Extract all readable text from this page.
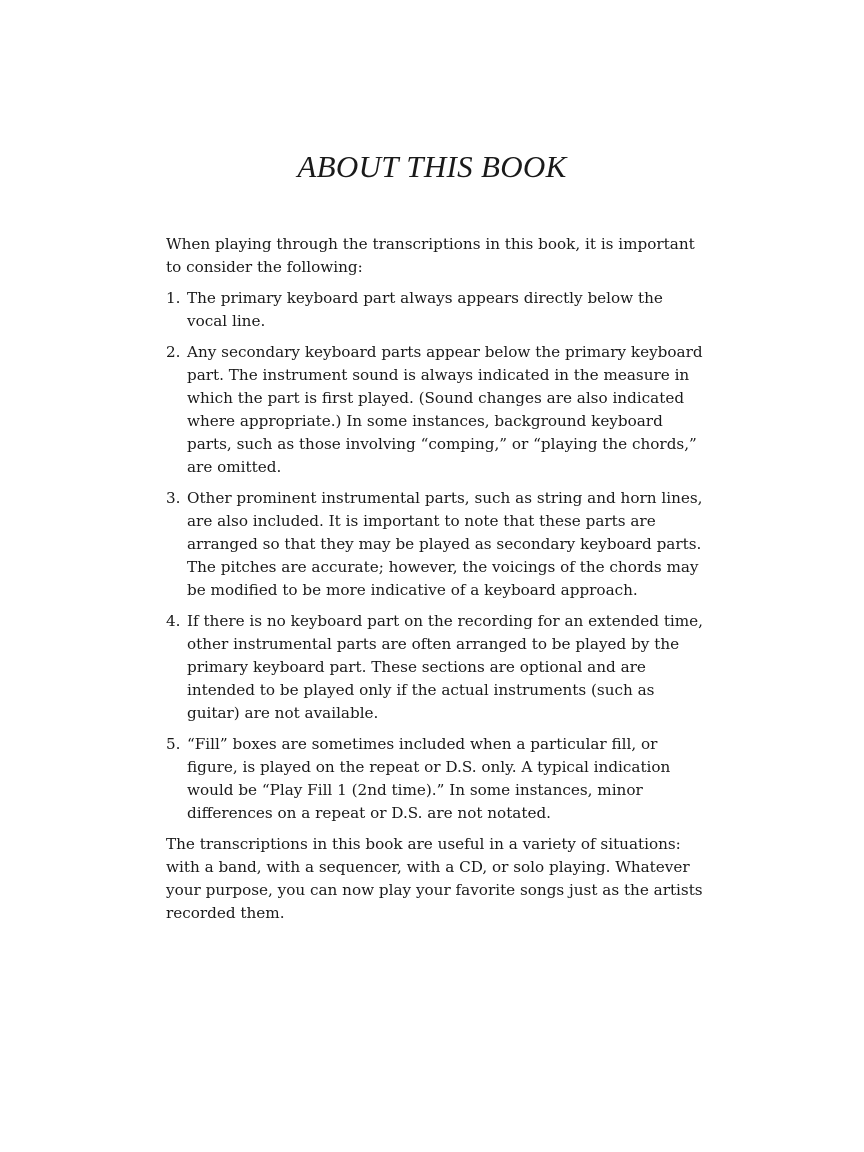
ABOUT THIS BOOK

When playing through the transcriptions in this book, it is important to consider the following:

1. The primary keyboard part always appears directly below the vocal line.
2. Any secondary keyboard parts appear below the primary keyboard part. The instrument sound is always indicated in the measure in which the part is first played. (Sound changes are also indicated where appropriate.) In some instances, background keyboard parts, such as those involving “comping,” or “playing the chords,” are omitted.
3. Other prominent instrumental parts, such as string and horn lines, are also included. It is important to note that these parts are arranged so that they may be played as secondary keyboard parts. The pitches are accurate; however, the voicings of the chords may be modified to be more indicative of a keyboard approach.
4. If there is no keyboard part on the recording for an extended time, other instrumental parts are often arranged to be played by the primary keyboard part. These sections are optional and are intended to be played only if the actual instruments (such as guitar) are not available.
5. “Fill” boxes are sometimes included when a particular fill, or figure, is played on the repeat or D.S. only. A typical indication would be “Play Fill 1 (2nd time).” In some instances, minor differences on a repeat or D.S. are not notated.

The transcriptions in this book are useful in a variety of situations: with a band, with a sequencer, with a CD, or solo playing. Whatever your purpose, you can now play your favorite songs just as the artists recorded them.
